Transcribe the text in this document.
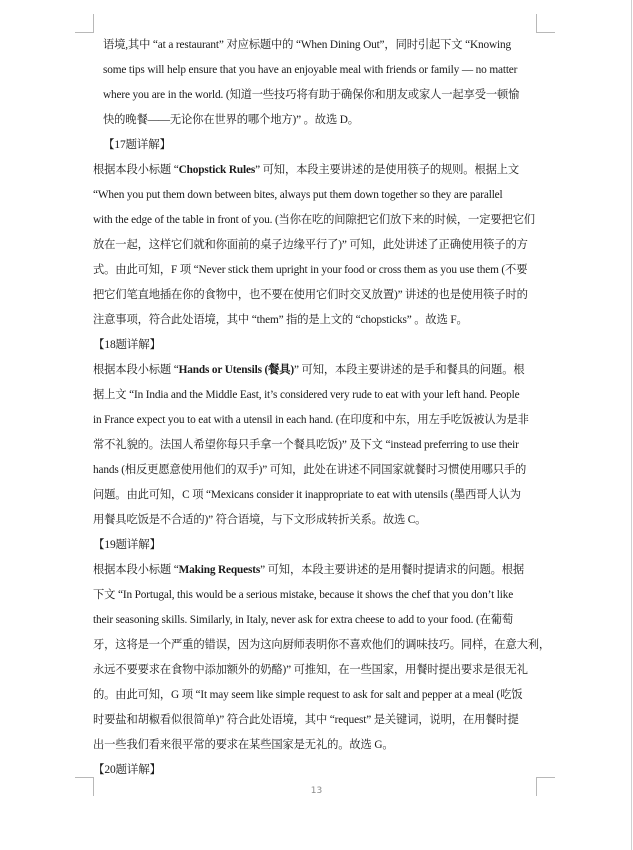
语境,其中 “at a restaurant” 对应标题中的 “When Dining Out”，同时引起下文 “Knowing
some tips will help ensure that you have an enjoyable meal with friends or family — no matter
where you are in the world. (知道一些技巧将有助于确保你和朋友或家人一起享受一顿愉
快的晚餐——无论你在世界的哪个地方)” 。故选 D。
【17题详解】
根据本段小标题 “Chopstick Rules” 可知，本段主要讲述的是使用筷子的规则。根据上文
“When you put them down between bites, always put them down together so they are parallel
with the edge of the table in front of you. (当你在吃的间隙把它们放下来的时候，一定要把它们
放在一起，这样它们就和你面前的桌子边缘平行了)” 可知，此处讲述了正确使用筷子的方
式。由此可知，F 项 “Never stick them upright in your food or cross them as you use them (不要
把它们笔直地插在你的食物中，也不要在使用它们时交叉放置)” 讲述的也是使用筷子时的
注意事项，符合此处语境，其中 “them” 指的是上文的 “chopsticks” 。故选 F。
【18题详解】
根据本段小标题 “Hands or Utensils (餐具)” 可知，本段主要讲述的是手和餐具的问题。根
据上文 “In India and the Middle East, it’s considered very rude to eat with your left hand. People
in France expect you to eat with a utensil in each hand. (在印度和中东，用左手吃饭被认为是非
常不礼貌的。法国人希望你每只手拿一个餐具吃饭)” 及下文 “instead preferring to use their
hands (相反更愿意使用他们的双手)” 可知，此处在讲述不同国家就餐时习惯使用哪只手的
问题。由此可知，C 项 “Mexicans consider it inappropriate to eat with utensils (墨西哥人认为
用餐具吃饭是不合适的)” 符合语境，与下文形成转折关系。故选 C。
【19题详解】
根据本段小标题 “Making Requests” 可知，本段主要讲述的是用餐时提请求的问题。根据
下文 “In Portugal, this would be a serious mistake, because it shows the chef that you don’t like
their seasoning skills. Similarly, in Italy, never ask for extra cheese to add to your food. (在葡萄
牙，这将是一个严重的错误，因为这向厨师表明你不喜欢他们的调味技巧。同样，在意大利，
永远不要要求在食物中添加额外的奶酪)” 可推知，在一些国家，用餐时提出要求是很无礼
的。由此可知，G 项 “It may seem like simple request to ask for salt and pepper at a meal (吃饭
时要盐和胡椒看似很简单)” 符合此处语境，其中 “request” 是关键词，说明，在用餐时提
出一些我们看来很平常的要求在某些国家是无礼的。故选 G。
【20题详解】
13
